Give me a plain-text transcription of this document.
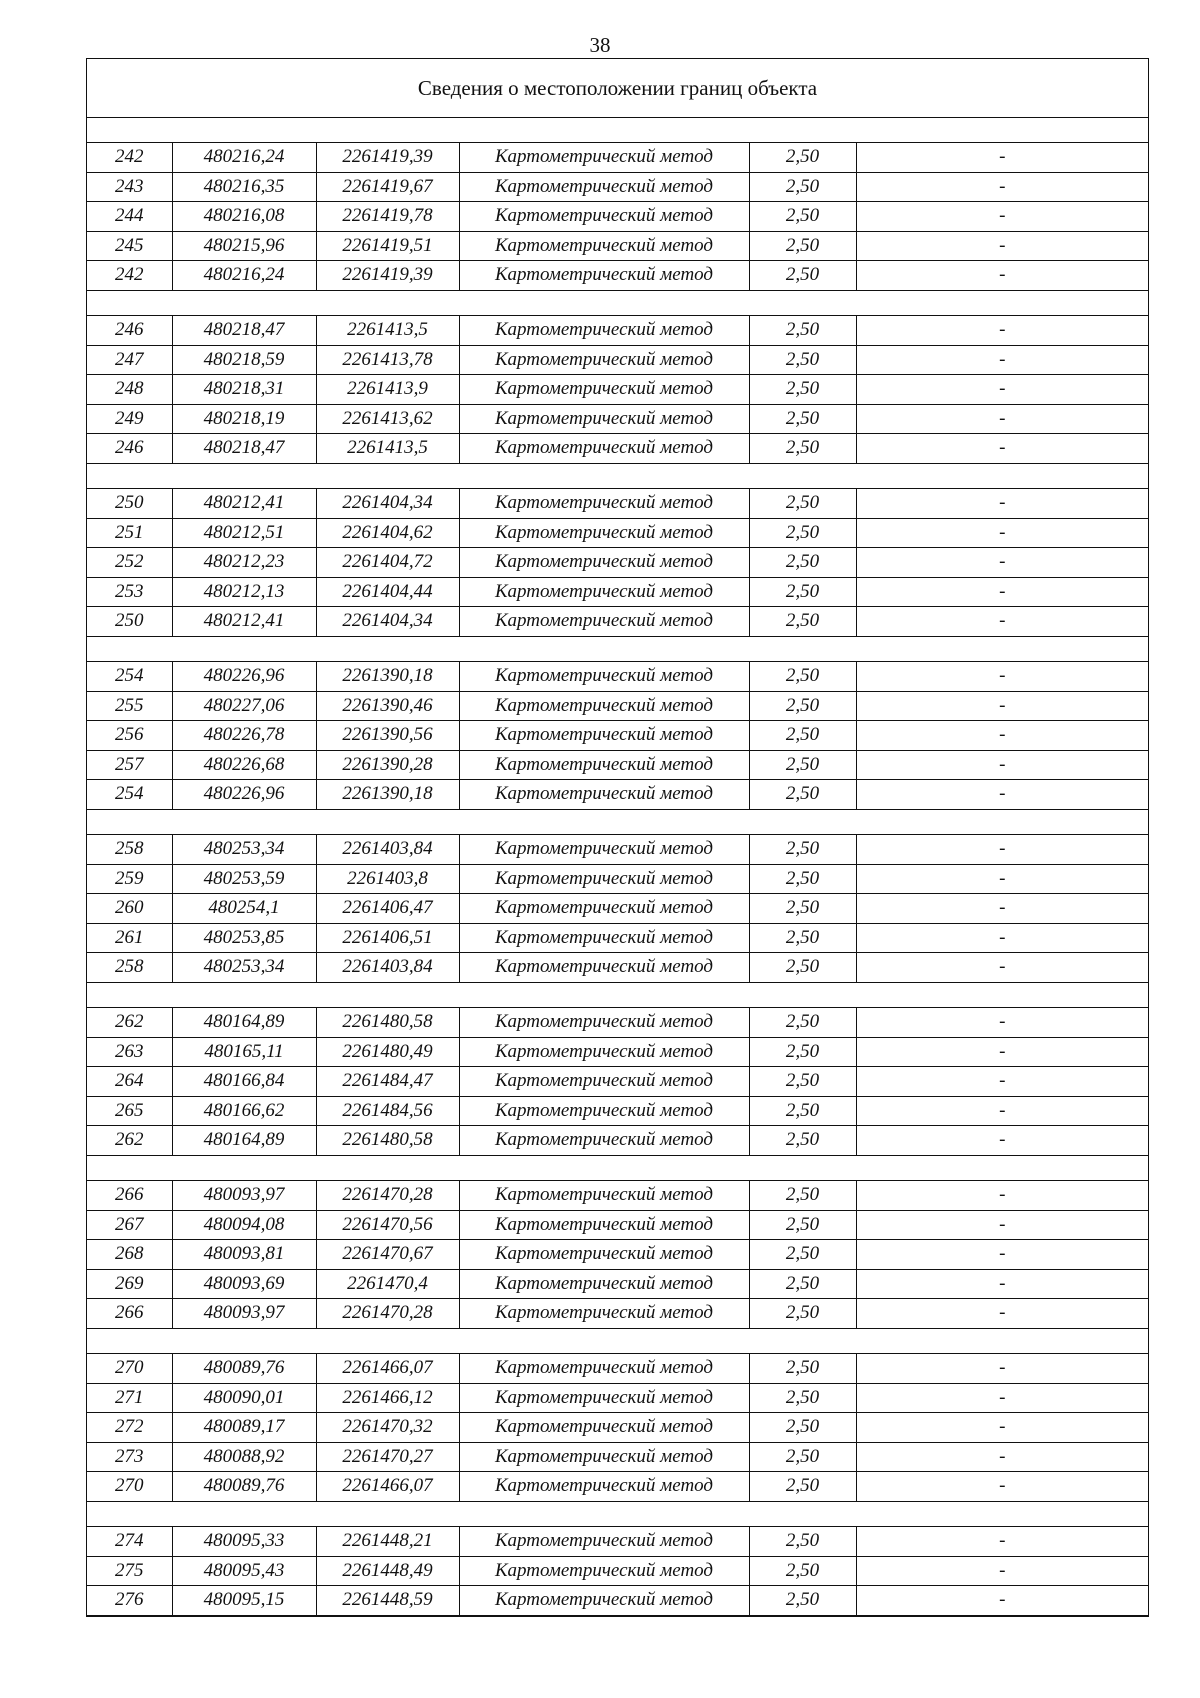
38
Сведения о местоположении границ объекта
242	480216,24	2261419,39	Картометрический метод	2,50	-
243	480216,35	2261419,67	Картометрический метод	2,50	-
244	480216,08	2261419,78	Картометрический метод	2,50	-
245	480215,96	2261419,51	Картометрический метод	2,50	-
242	480216,24	2261419,39	Картометрический метод	2,50	-

246	480218,47	2261413,5	Картометрический метод	2,50	-
247	480218,59	2261413,78	Картометрический метод	2,50	-
248	480218,31	2261413,9	Картометрический метод	2,50	-
249	480218,19	2261413,62	Картометрический метод	2,50	-
246	480218,47	2261413,5	Картометрический метод	2,50	-

250	480212,41	2261404,34	Картометрический метод	2,50	-
251	480212,51	2261404,62	Картометрический метод	2,50	-
252	480212,23	2261404,72	Картометрический метод	2,50	-
253	480212,13	2261404,44	Картометрический метод	2,50	-
250	480212,41	2261404,34	Картометрический метод	2,50	-

254	480226,96	2261390,18	Картометрический метод	2,50	-
255	480227,06	2261390,46	Картометрический метод	2,50	-
256	480226,78	2261390,56	Картометрический метод	2,50	-
257	480226,68	2261390,28	Картометрический метод	2,50	-
254	480226,96	2261390,18	Картометрический метод	2,50	-

258	480253,34	2261403,84	Картометрический метод	2,50	-
259	480253,59	2261403,8	Картометрический метод	2,50	-
260	480254,1	2261406,47	Картометрический метод	2,50	-
261	480253,85	2261406,51	Картометрический метод	2,50	-
258	480253,34	2261403,84	Картометрический метод	2,50	-

262	480164,89	2261480,58	Картометрический метод	2,50	-
263	480165,11	2261480,49	Картометрический метод	2,50	-
264	480166,84	2261484,47	Картометрический метод	2,50	-
265	480166,62	2261484,56	Картометрический метод	2,50	-
262	480164,89	2261480,58	Картометрический метод	2,50	-

266	480093,97	2261470,28	Картометрический метод	2,50	-
267	480094,08	2261470,56	Картометрический метод	2,50	-
268	480093,81	2261470,67	Картометрический метод	2,50	-
269	480093,69	2261470,4	Картометрический метод	2,50	-
266	480093,97	2261470,28	Картометрический метод	2,50	-

270	480089,76	2261466,07	Картометрический метод	2,50	-
271	480090,01	2261466,12	Картометрический метод	2,50	-
272	480089,17	2261470,32	Картометрический метод	2,50	-
273	480088,92	2261470,27	Картометрический метод	2,50	-
270	480089,76	2261466,07	Картометрический метод	2,50	-

274	480095,33	2261448,21	Картометрический метод	2,50	-
275	480095,43	2261448,49	Картометрический метод	2,50	-
276	480095,15	2261448,59	Картометрический метод	2,50	-
